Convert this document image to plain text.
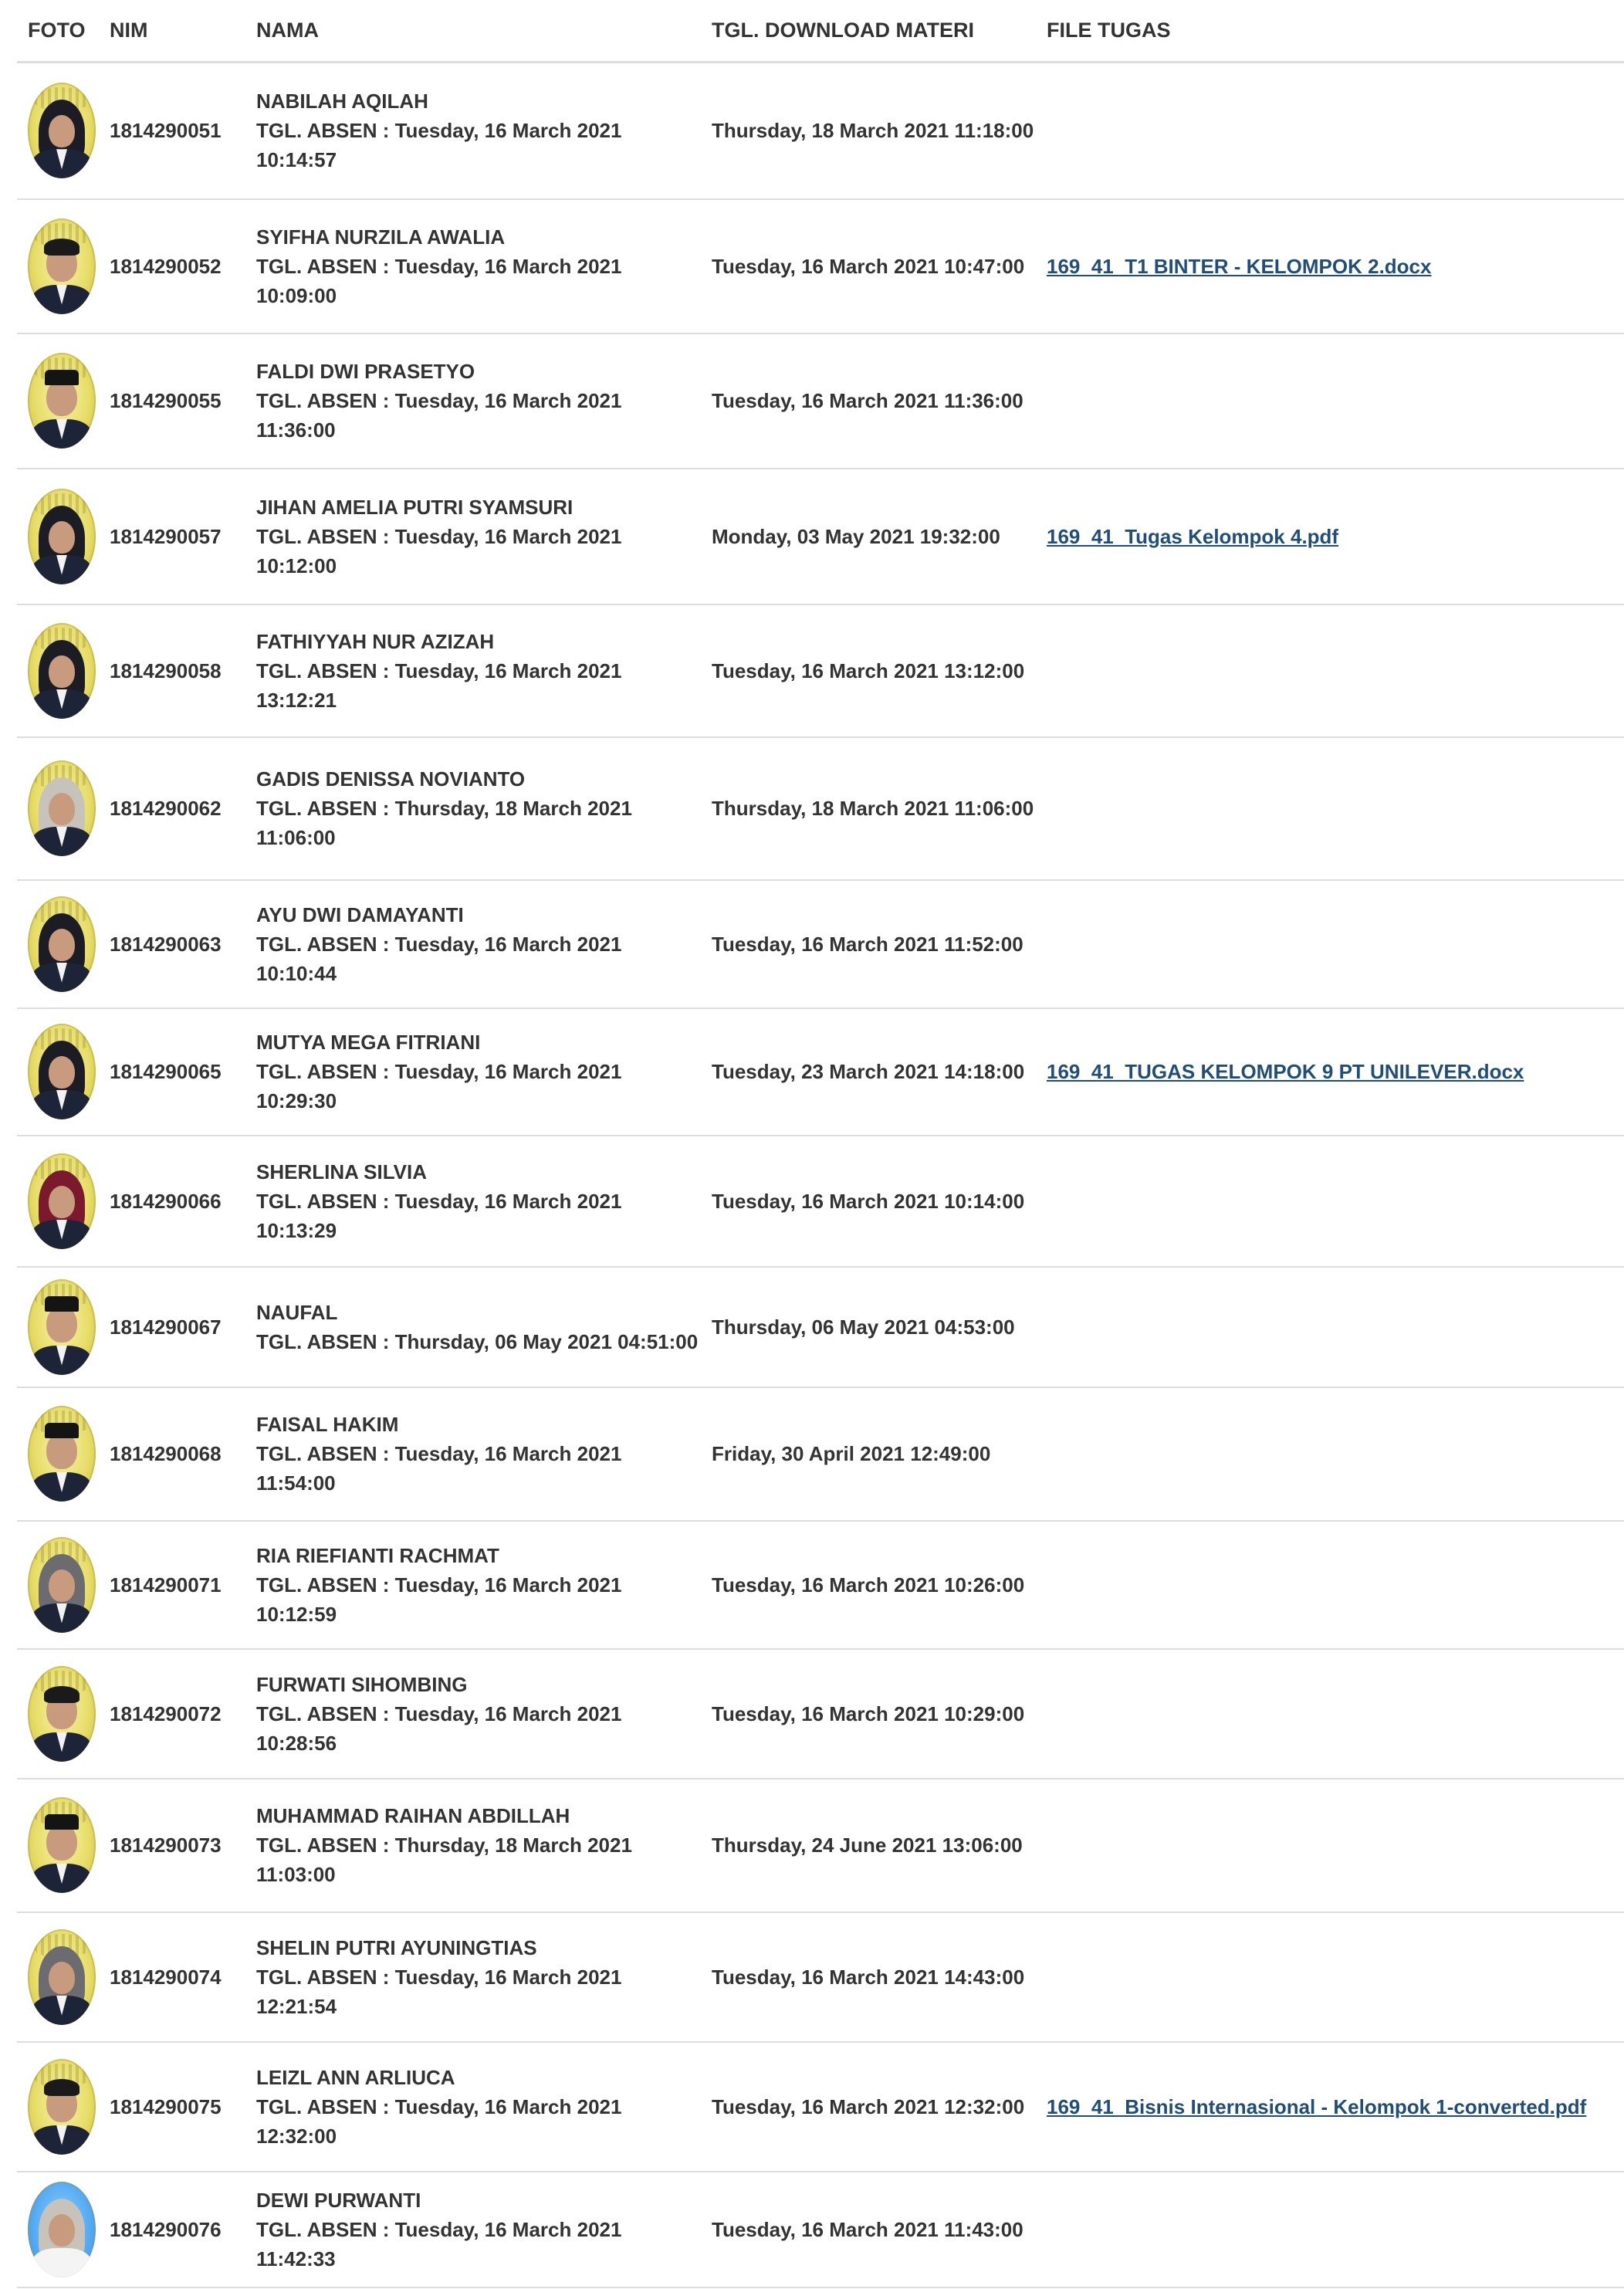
FOTO	NIM	NAMA	TGL. DOWNLOAD MATERI	FILE TUGAS

	1814290051	NABILAH AQILAH
TGL. ABSEN : Tuesday, 16 March 2021 10:14:57	Thursday, 18 March 2021 11:18:00	

	1814290052	SYIFHA NURZILA AWALIA
TGL. ABSEN : Tuesday, 16 March 2021 10:09:00	Tuesday, 16 March 2021 10:47:00	169_41_T1 BINTER - KELOMPOK 2.docx

	1814290055	FALDI DWI PRASETYO
TGL. ABSEN : Tuesday, 16 March 2021 11:36:00	Tuesday, 16 March 2021 11:36:00	

	1814290057	JIHAN AMELIA PUTRI SYAMSURI
TGL. ABSEN : Tuesday, 16 March 2021 10:12:00	Monday, 03 May 2021 19:32:00	169_41_Tugas Kelompok 4.pdf

	1814290058	FATHIYYAH NUR AZIZAH
TGL. ABSEN : Tuesday, 16 March 2021 13:12:21	Tuesday, 16 March 2021 13:12:00	

	1814290062	GADIS DENISSA NOVIANTO
TGL. ABSEN : Thursday, 18 March 2021 11:06:00	Thursday, 18 March 2021 11:06:00	

	1814290063	AYU DWI DAMAYANTI
TGL. ABSEN : Tuesday, 16 March 2021 10:10:44	Tuesday, 16 March 2021 11:52:00	

	1814290065	MUTYA MEGA FITRIANI
TGL. ABSEN : Tuesday, 16 March 2021 10:29:30	Tuesday, 23 March 2021 14:18:00	169_41_TUGAS KELOMPOK 9 PT UNILEVER.docx

	1814290066	SHERLINA SILVIA
TGL. ABSEN : Tuesday, 16 March 2021 10:13:29	Tuesday, 16 March 2021 10:14:00	

	1814290067	NAUFAL
TGL. ABSEN : Thursday, 06 May 2021 04:51:00	Thursday, 06 May 2021 04:53:00	

	1814290068	FAISAL HAKIM
TGL. ABSEN : Tuesday, 16 March 2021 11:54:00	Friday, 30 April 2021 12:49:00	

	1814290071	RIA RIEFIANTI RACHMAT
TGL. ABSEN : Tuesday, 16 March 2021 10:12:59	Tuesday, 16 March 2021 10:26:00	

	1814290072	FURWATI SIHOMBING
TGL. ABSEN : Tuesday, 16 March 2021 10:28:56	Tuesday, 16 March 2021 10:29:00	

	1814290073	MUHAMMAD RAIHAN ABDILLAH
TGL. ABSEN : Thursday, 18 March 2021 11:03:00	Thursday, 24 June 2021 13:06:00	

	1814290074	SHELIN PUTRI AYUNINGTIAS
TGL. ABSEN : Tuesday, 16 March 2021 12:21:54	Tuesday, 16 March 2021 14:43:00	

	1814290075	LEIZL ANN ARLIUCA
TGL. ABSEN : Tuesday, 16 March 2021 12:32:00	Tuesday, 16 March 2021 12:32:00	169_41_Bisnis Internasional - Kelompok 1-converted.pdf

	1814290076	DEWI PURWANTI
TGL. ABSEN : Tuesday, 16 March 2021 11:42:33	Tuesday, 16 March 2021 11:43:00	
